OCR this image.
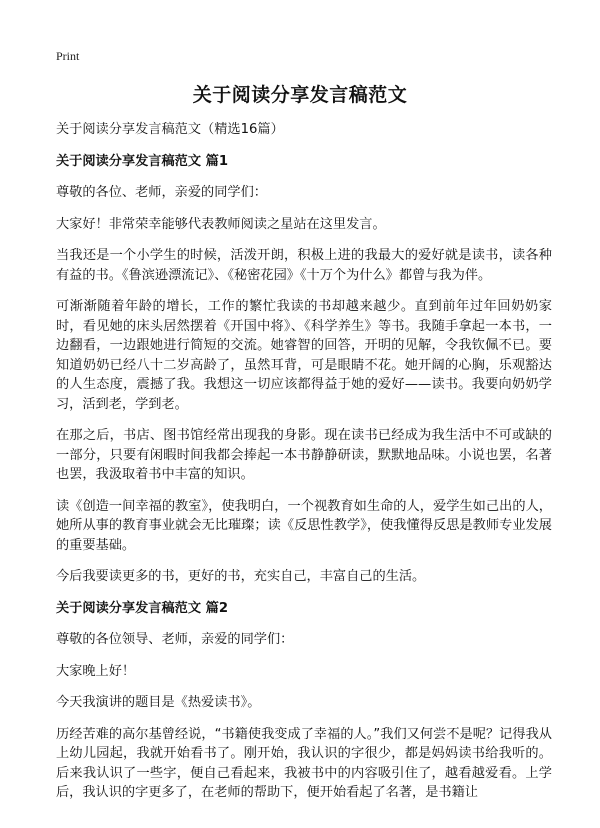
Print
关于阅读分享发言稿范文

关于阅读分享发言稿范文（精选16篇）

关于阅读分享发言稿范文 篇1

尊敬的各位、老师，亲爱的同学们：

大家好！非常荣幸能够代表教师阅读之星站在这里发言。

当我还是一个小学生的时候，活泼开朗，积极上进的我最大的爱好就是读书，读各种有益的书。《鲁滨逊漂流记》、《秘密花园》《十万个为什么》都曾与我为伴。

可渐渐随着年龄的增长，工作的繁忙我读的书却越来越少。直到前年过年回奶奶家时，看见她的床头居然摆着《开国中将》、《科学养生》等书。我随手拿起一本书，一边翻看，一边跟她进行简短的交流。她睿智的回答，开明的见解，令我钦佩不已。要知道奶奶已经八十二岁高龄了，虽然耳背，可是眼睛不花。她开阔的心胸，乐观豁达的人生态度，震撼了我。我想这一切应该都得益于她的爱好——读书。我要向奶奶学习，活到老，学到老。

在那之后，书店、图书馆经常出现我的身影。现在读书已经成为我生活中不可或缺的一部分，只要有闲暇时间我都会捧起一本书静静研读，默默地品味。小说也罢，名著也罢，我汲取着书中丰富的知识。

读《创造一间幸福的教室》，使我明白，一个视教育如生命的人，爱学生如己出的人，她所从事的教育事业就会无比璀璨；读《反思性教学》，使我懂得反思是教师专业发展的重要基础。

今后我要读更多的书，更好的书，充实自己，丰富自己的生活。

关于阅读分享发言稿范文 篇2

尊敬的各位领导、老师，亲爱的同学们：

大家晚上好！

今天我演讲的题目是《热爱读书》。

历经苦难的高尔基曾经说，“书籍使我变成了幸福的人。”我们又何尝不是呢？记得我从上幼儿园起，我就开始看书了。刚开始，我认识的字很少，都是妈妈读书给我听的。后来我认识了一些字，便自己看起来，我被书中的内容吸引住了，越看越爱看。上学后，我认识的字更多了，在老师的帮助下，便开始看起了名著，是书籍让
